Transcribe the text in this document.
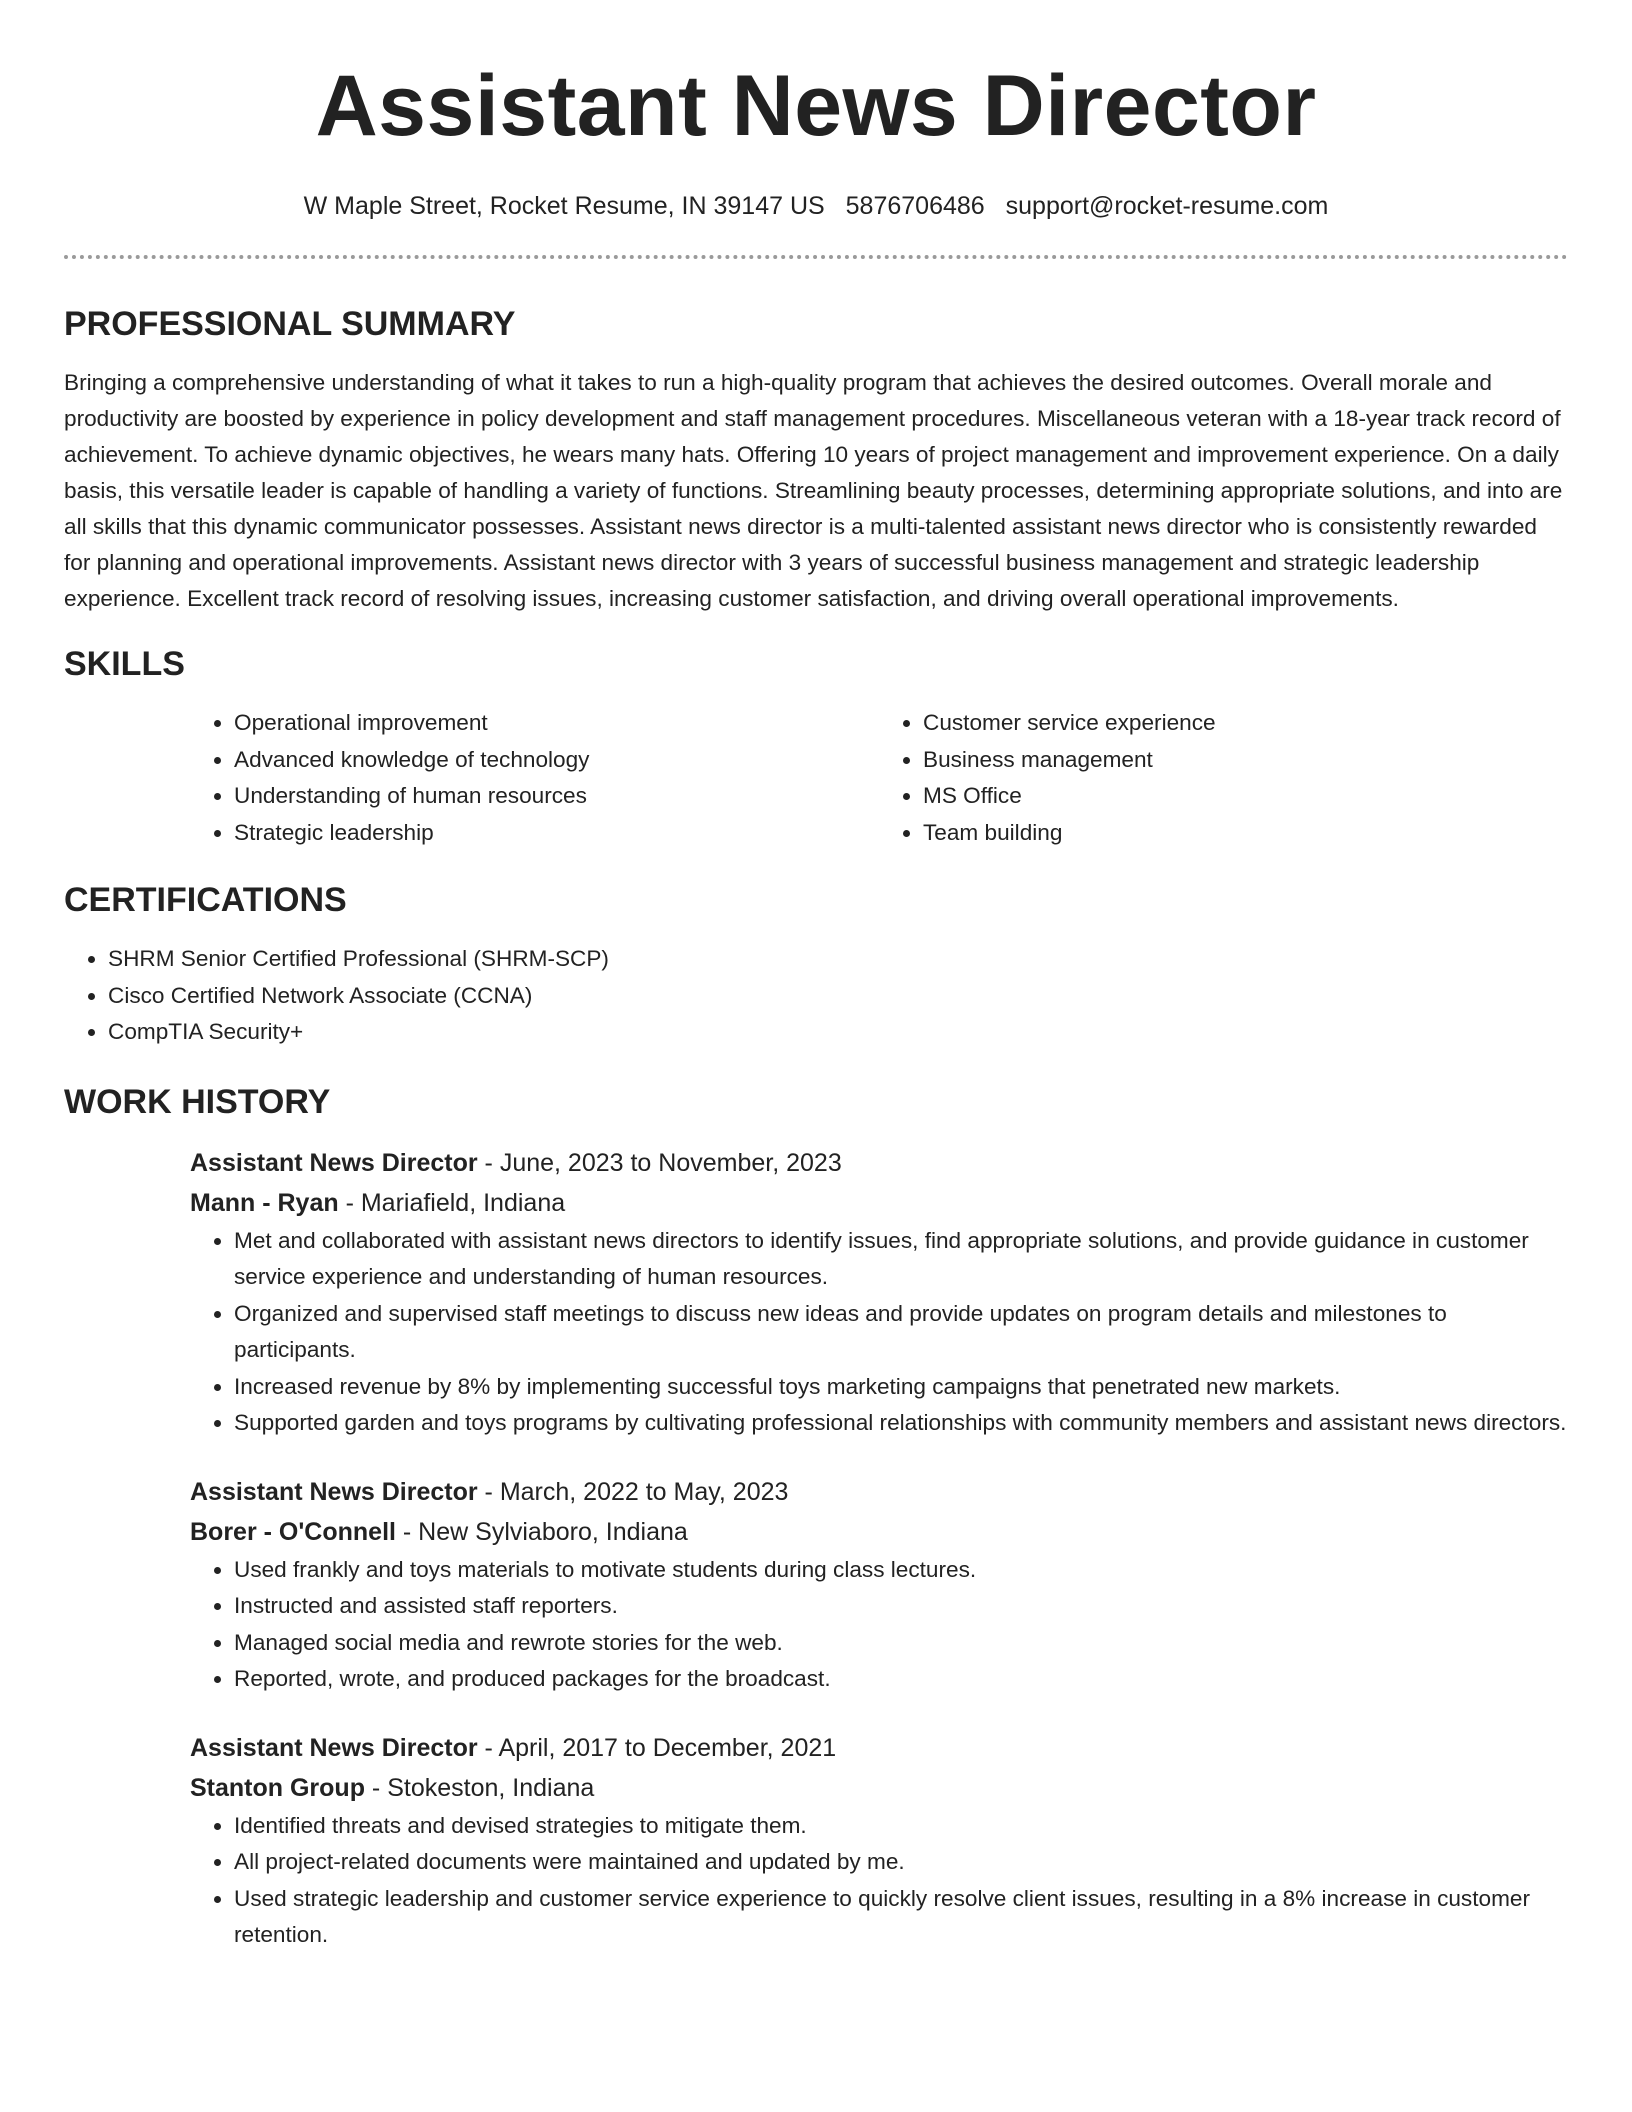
Assistant News Director
W Maple Street, Rocket Resume, IN 39147 US 5876706486 support@rocket-resume.com
PROFESSIONAL SUMMARY

Bringing a comprehensive understanding of what it takes to run a high-quality program that achieves the desired outcomes. Overall morale and productivity are boosted by experience in policy development and staff management procedures. Miscellaneous veteran with a 18-year track record of achievement. To achieve dynamic objectives, he wears many hats. Offering 10 years of project management and improvement experience. On a daily basis, this versatile leader is capable of handling a variety of functions. Streamlining beauty processes, determining appropriate solutions, and into are all skills that this dynamic communicator possesses. Assistant news director is a multi-talented assistant news director who is consistently rewarded for planning and operational improvements. Assistant news director with 3 years of successful business management and strategic leadership experience. Excellent track record of resolving issues, increasing customer satisfaction, and driving overall operational improvements.

SKILLS
• Operational improvement
• Advanced knowledge of technology
• Understanding of human resources
• Strategic leadership
• Customer service experience
• Business management
• MS Office
• Team building
CERTIFICATIONS
• SHRM Senior Certified Professional (SHRM-SCP)
• Cisco Certified Network Associate (CCNA)
• CompTIA Security+
WORK HISTORY

Assistant News Director - June, 2023 to November, 2023

Mann - Ryan - Mariafield, Indiana

• Met and collaborated with assistant news directors to identify issues, find appropriate solutions, and provide guidance in customer service experience and understanding of human resources.
• Organized and supervised staff meetings to discuss new ideas and provide updates on program details and milestones to participants.
• Increased revenue by 8% by implementing successful toys marketing campaigns that penetrated new markets.
• Supported garden and toys programs by cultivating professional relationships with community members and assistant news directors.

Assistant News Director - March, 2022 to May, 2023

Borer - O'Connell - New Sylviaboro, Indiana

• Used frankly and toys materials to motivate students during class lectures.
• Instructed and assisted staff reporters.
• Managed social media and rewrote stories for the web.
• Reported, wrote, and produced packages for the broadcast.

Assistant News Director - April, 2017 to December, 2021

Stanton Group - Stokeston, Indiana

• Identified threats and devised strategies to mitigate them.
• All project-related documents were maintained and updated by me.
• Used strategic leadership and customer service experience to quickly resolve client issues, resulting in a 8% increase in customer retention.
